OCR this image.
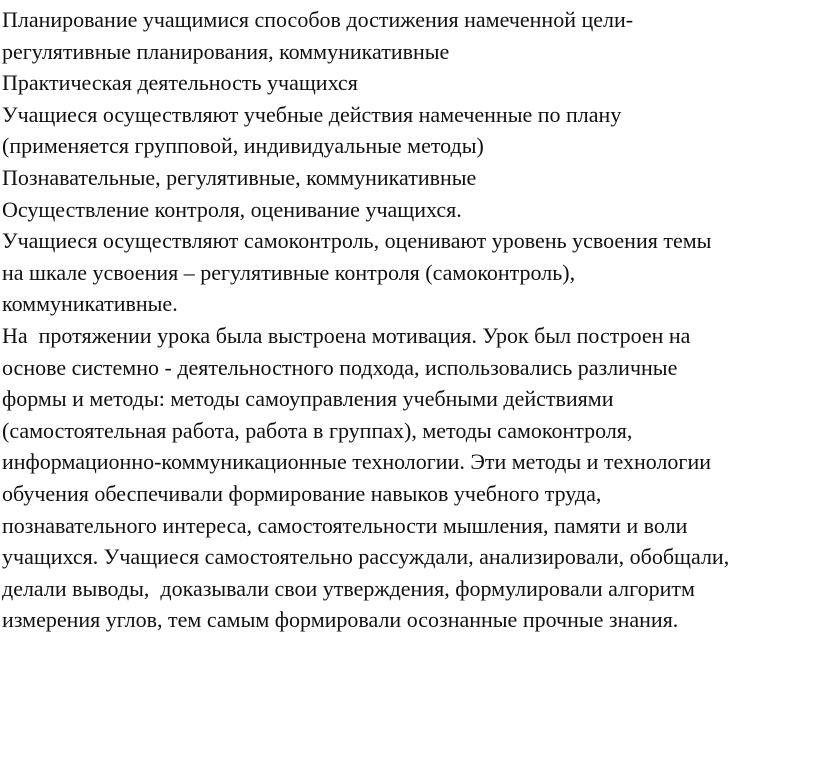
Планирование учащимися способов достижения намеченной цели-
регулятивные планирования, коммуникативные
Практическая деятельность учащихся
Учащиеся осуществляют учебные действия намеченные по плану
(применяется групповой, индивидуальные методы)
Познавательные, регулятивные, коммуникативные
Осуществление контроля, оценивание учащихся.
Учащиеся осуществляют самоконтроль, оценивают уровень усвоения темы
на шкале усвоения – регулятивные контроля (самоконтроль),
коммуникативные.
На  протяжении урока была выстроена мотивация. Урок был построен на
основе системно - деятельностного подхода, использовались различные
формы и методы: методы самоуправления учебными действиями
(самостоятельная работа, работа в группах), методы самоконтроля,
информационно-коммуникационные технологии. Эти методы и технологии
обучения обеспечивали формирование навыков учебного труда,
познавательного интереса, самостоятельности мышления, памяти и воли
учащихся. Учащиеся самостоятельно рассуждали, анализировали, обобщали,
делали выводы,  доказывали свои утверждения, формулировали алгоритм
измерения углов, тем самым формировали осознанные прочные знания.
